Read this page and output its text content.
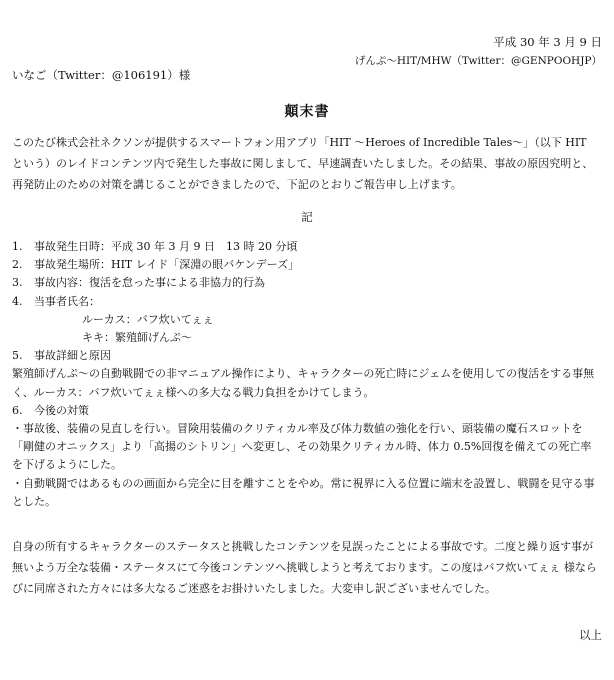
平成 30 年 3 月 9 日
げんぷ～HIT/MHW（Twitter：@GENPOOHJP）
いなご（Twitter：@106191）様
顛末書
このたび株式会社ネクソンが提供するスマートフォン用アプリ「HIT ～Heroes of Incredible Tales～」（以下 HIT という）のレイドコンテンツ内で発生した事故に関しまして、早速調査いたしました。その結果、事故の原因究明と、再発防止のための対策を講じることができましたので、下記のとおりご報告申し上げます。
記
1. 事故発生日時：平成 30 年 3 月 9 日　13 時 20 分頃
2. 事故発生場所：HIT レイド「深淵の眼バケンデーズ」
3. 事故内容：復活を怠った事による非協力的行為
4. 当事者氏名：
ルーカス：バフ炊いてぇぇ
キキ：繁殖師げんぷ～
5. 事故詳細と原因
繁殖師げんぷ～の自動戦闘での非マニュアル操作により、キャラクターの死亡時にジェムを使用しての復活をする事無く、ルーカス：バフ炊いてぇぇ様への多大なる戦力負担をかけてしまう。
6. 今後の対策
・事故後、装備の見直しを行い。冒険用装備のクリティカル率及び体力数値の強化を行い、頭装備の魔石スロットを「剛健のオニックス」より「高揚のシトリン」へ変更し、その効果クリティカル時、体力 0.5%回復を備えての死亡率を下げるようにした。
・自動戦闘ではあるものの画面から完全に目を離すことをやめ。常に視界に入る位置に端末を設置し、戦闘を見守る事とした。
自身の所有するキャラクターのステータスと挑戦したコンテンツを見誤ったことによる事故です。二度と繰り返す事が無いよう万全な装備・ステータスにて今後コンテンツへ挑戦しようと考えております。この度はバフ炊いてぇぇ 様ならびに同席された方々には多大なるご迷惑をお掛けいたしました。大変申し訳ございませんでした。
以上
